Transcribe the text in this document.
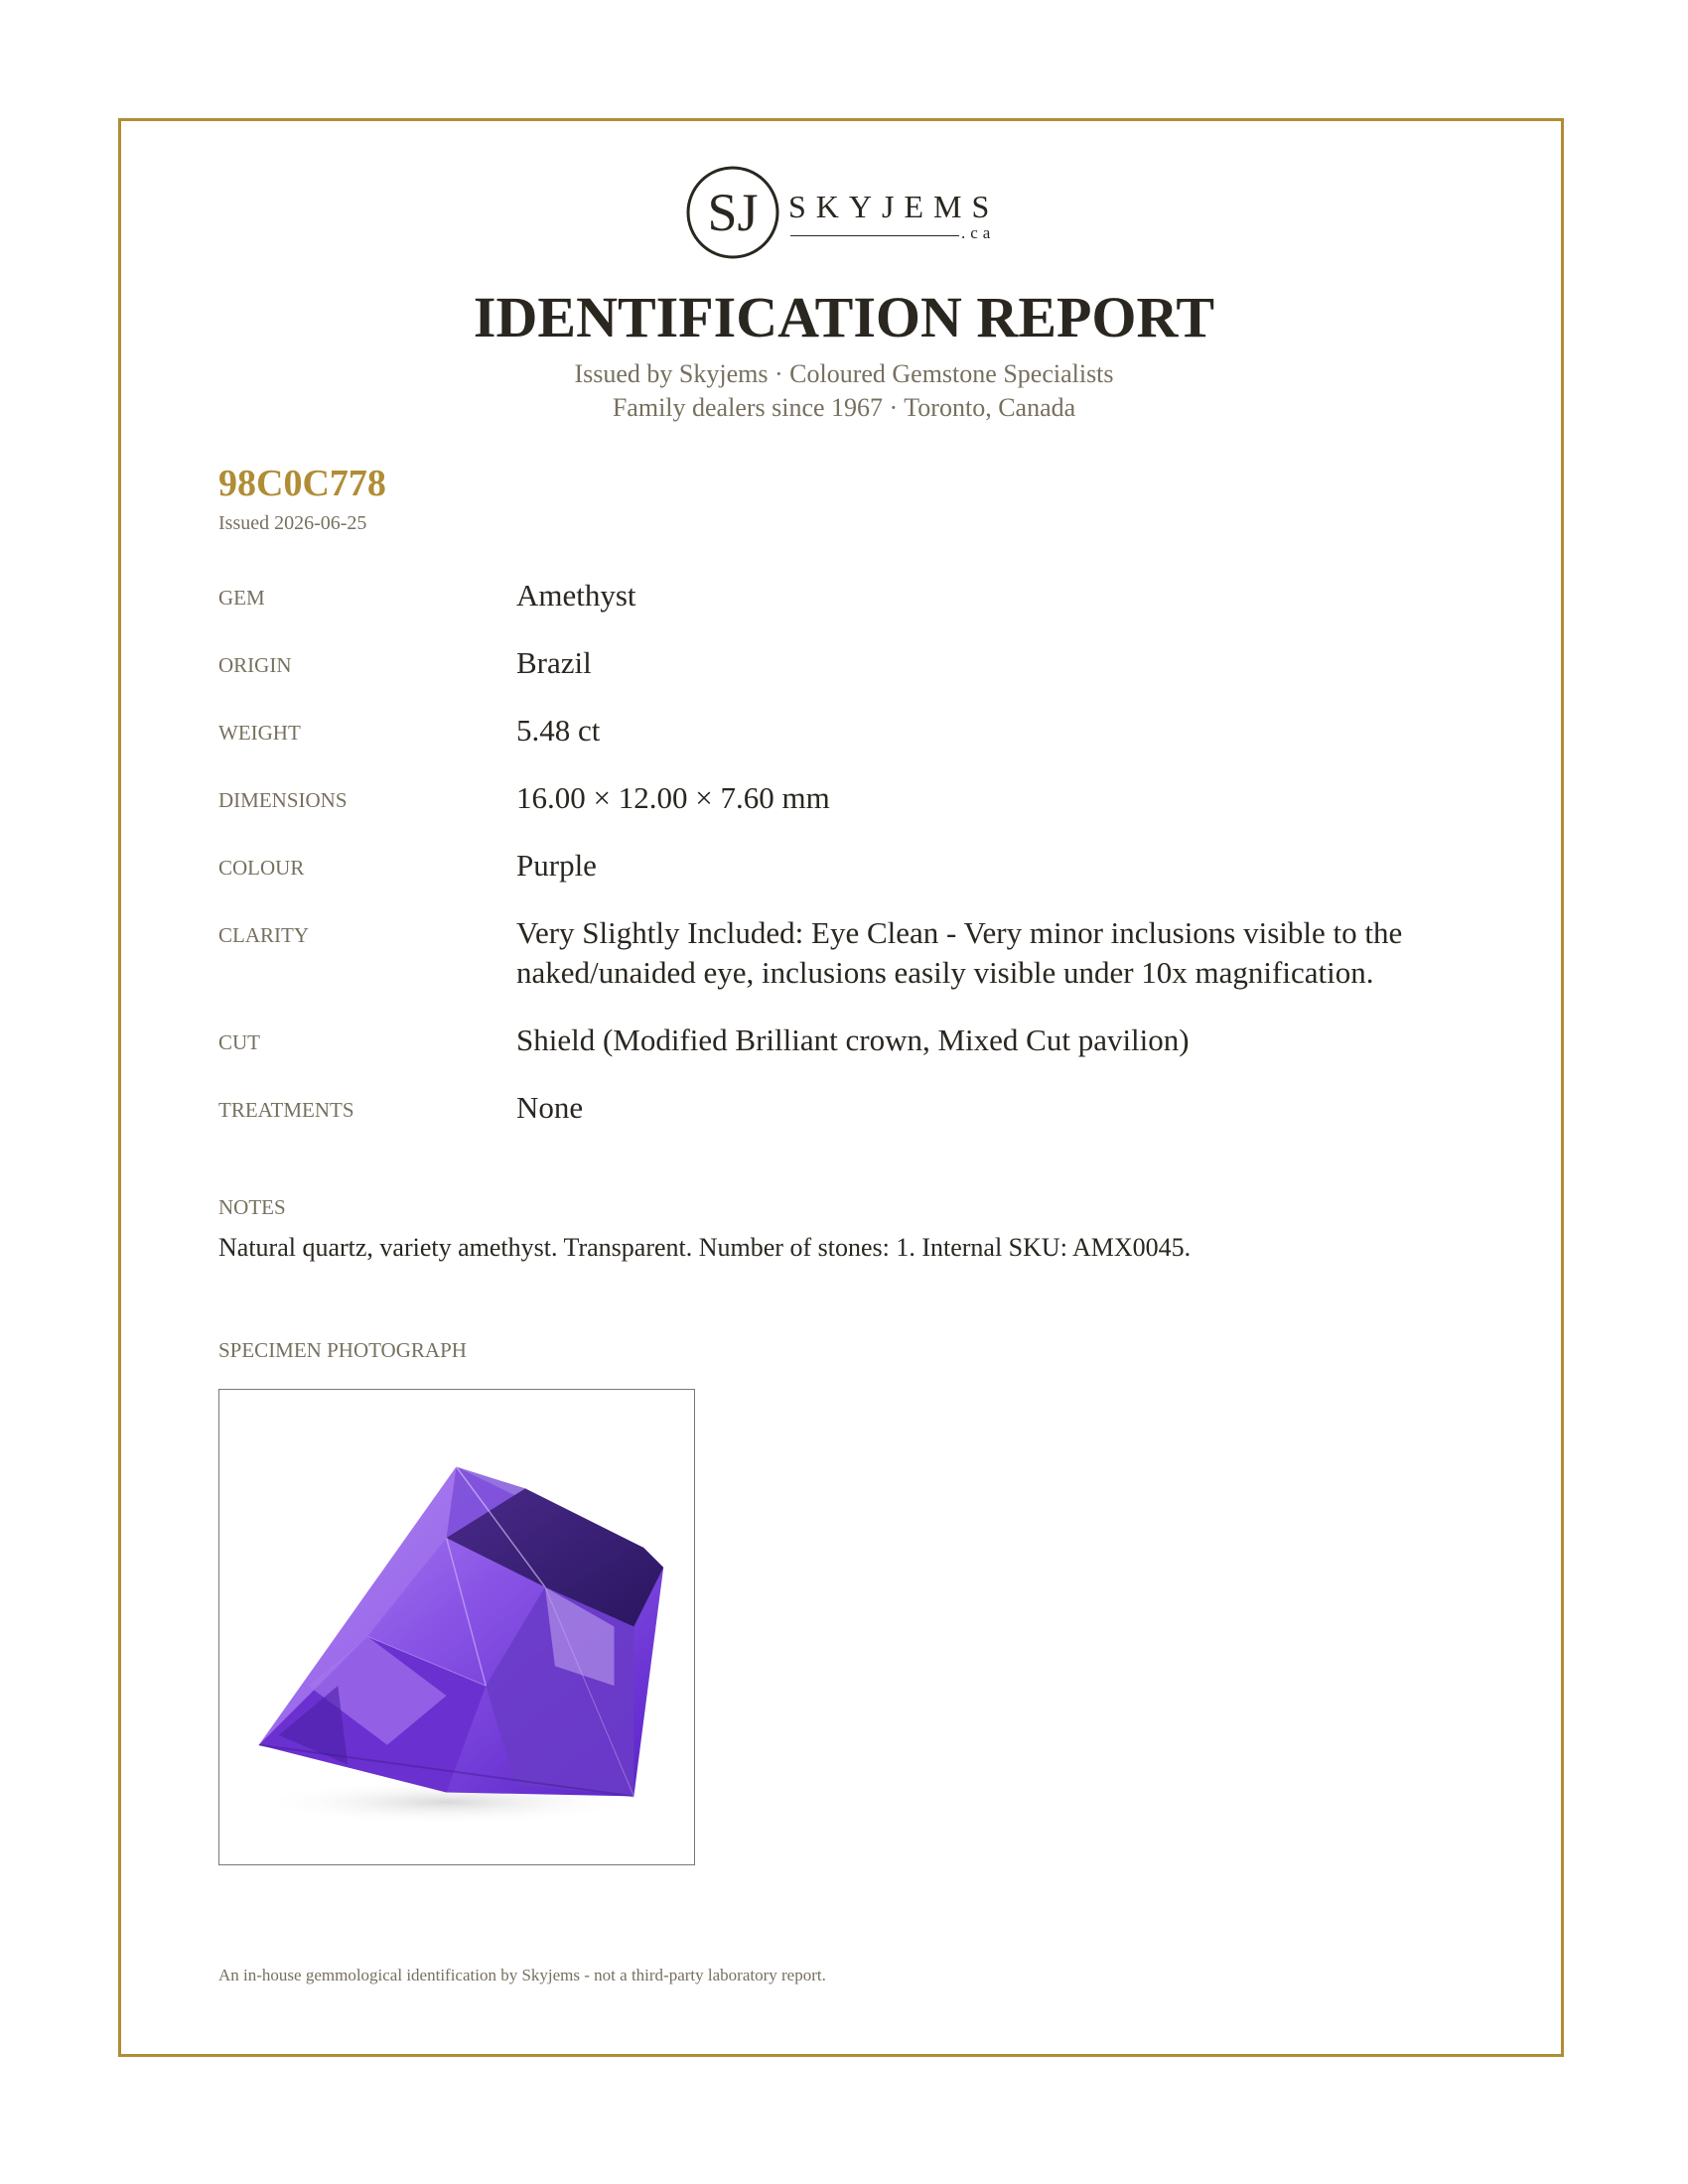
SJ SKYJEMS
.ca
IDENTIFICATION REPORT
Issued by Skyjems · Coloured Gemstone Specialists
Family dealers since 1967 · Toronto, Canada
98C0C778
Issued 2026-06-25
GEM	Amethyst
ORIGIN	Brazil
WEIGHT	5.48 ct
DIMENSIONS	16.00 × 12.00 × 7.60 mm
COLOUR	Purple
CLARITY	Very Slightly Included: Eye Clean - Very minor inclusions visible to the naked/unaided eye, inclusions easily visible under 10x magnification.
CUT	Shield (Modified Brilliant crown, Mixed Cut pavilion)
TREATMENTS	None
NOTES
Natural quartz, variety amethyst. Transparent. Number of stones: 1. Internal SKU: AMX0045.
SPECIMEN PHOTOGRAPH
An in-house gemmological identification by Skyjems - not a third-party laboratory report.
